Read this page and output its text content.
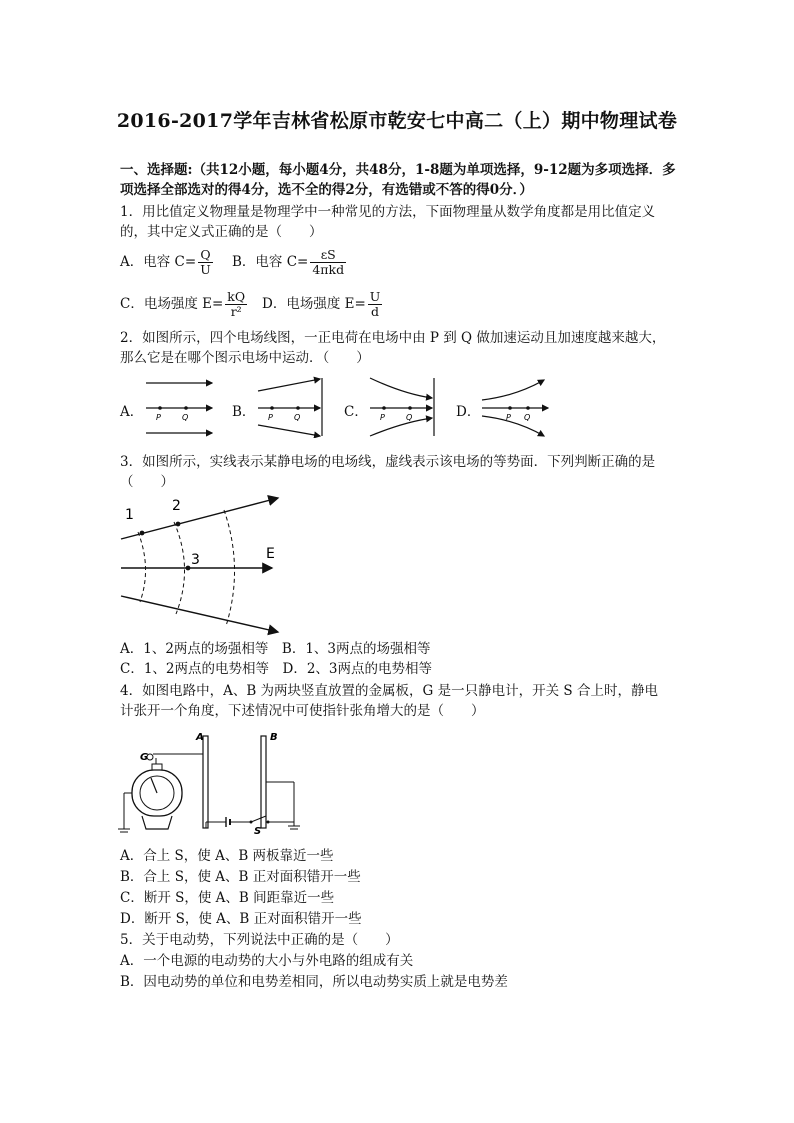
2016-2017学年吉林省松原市乾安七中高二（上）期中物理试卷
一、选择题:（共12小题，每小题4分，共48分，1-8题为单项选择，9-12题为多项选择．多
项选择全部选对的得4分，选不全的得2分，有选错或不答的得0分．）
1．用比值定义物理量是物理学中一种常见的方法，下面物理量从数学角度都是用比值定义
的，其中定义式正确的是（　　）
A．电容 $C= \frac{Q}{U}$ B．电容 $C= \frac{\varepsilon S}{\text{4πkd}}$
C．电场强度 $E= \frac{kQ}{\text{r²}}$ D．电场强度 $E= \frac{U}{d}$
2．如图所示，四个电场线图，一正电荷在电场中由 P 到 Q 做加速运动且加速度越来越大，
那么它是在哪个图示电场中运动．（　　）
A． P	Q	B． P	Q	C． P	Q	D．	P Q
3．如图所示，实线表示某静电场的电场线，虚线表示该电场的等势面．下列判断正确的是
（　　）
1
2
3	E
A．1、2两点的场强相等　B．1、3两点的场强相等
C．1、2两点的电势相等　D．2、3两点的电势相等
4．如图电路中，A、B 为两块竖直放置的金属板，G 是一只静电计，开关 S 合上时，静电
计张开一个角度，下述情况中可使指针张角增大的是（　　）
A	B
G
S
A．合上 S，使 A、B 两板靠近一些
B．合上 S，使 A、B 正对面积错开一些
C．断开 S，使 A、B 间距靠近一些
D．断开 S，使 A、B 正对面积错开一些
5．关于电动势，下列说法中正确的是（　　）
A．一个电源的电动势的大小与外电路的组成有关
B．因电动势的单位和电势差相同，所以电动势实质上就是电势差
